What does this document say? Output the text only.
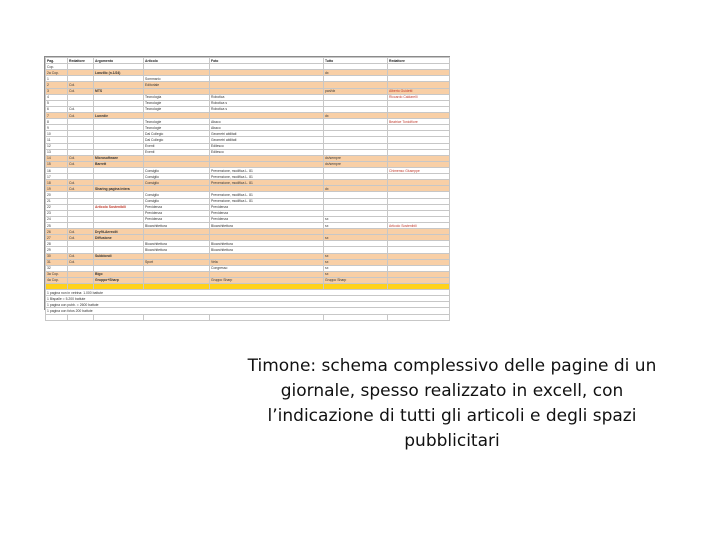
Pag.	Redattore	Argomento	Articolo	Foto	Tutto	Redattore
Cop.						
2a Cop.		Lanzillo (n.1/24)			dx	
1			Sommario			
2	Col.		Editoriale			
3	Col.	MTS			pari/dx	Alberto Guidetti
4			Tecnologia	Robotica		Riccardo Caldarelli
5			Tecnologie	Robotica s		
6	Col.		Tecnologie	Robotica s		
7	Col.	Lunedìe			dx	
8			Tecnologie	Abaco		Beatrice Toniolfiore
9			Tecnologie	Abaco		
10			Dal Collegio	Geometri abilitati		
11			Dal Collegio	Geometri abilitati		
12			Eventi	Edilesco		
13			Eventi	Edilesco		
14	Col.	Microsoftware			dx/sempre	
15	Col.	Barrett			dx/sempre	
16			Consiglio	Prevenzione, modifica L. 81		Chimenso Giuseppe
17			Consiglio	Prevenzione, modifica L. 81		
18	Col.		Consiglio	Prevenzione, modifica L. 81		
19	Col.	Sharing pagina intera			dx	
20			Consiglio	Prevenzione, modifica L. 81		
21			Consiglio	Prevenzione, modifica L. 81		
22		Articolo Sostenibili	Previdenza	Previdenza		
23			Previdenza	Previdenza		
24			Previdenza	Previdenza	sx	
25			Bioarchitettura	Bioarchitettura	sx	Articolo Sostenibili
26	Col.	Dryfit-Aereolit				
27	Col.	Diffusione			sx	
28			Bioarchitettura	Bioarchitettura		
29			Bioarchitettura	Bioarchitettura		
30	Col.	Subbiondi			sx	
31	Col.		Sport	Vela	sx	
32				Congresso	sx	
3a Cop.		Bigo			sx	
4a Cop.		Gruppo+Sharp		Gruppo Sharp	Gruppo Sharp	

1 pagina non in vetrina: 1.000 battute						
1 Bispalle = 5.200 battute						
1 pagina con pubb. = 2600 battute						
1 pagina con fotos 200 battute						

Timone: schema complessivo delle pagine di un giornale, spesso realizzato in excell, con l’indicazione di tutti gli articoli e degli spazi pubblicitari
